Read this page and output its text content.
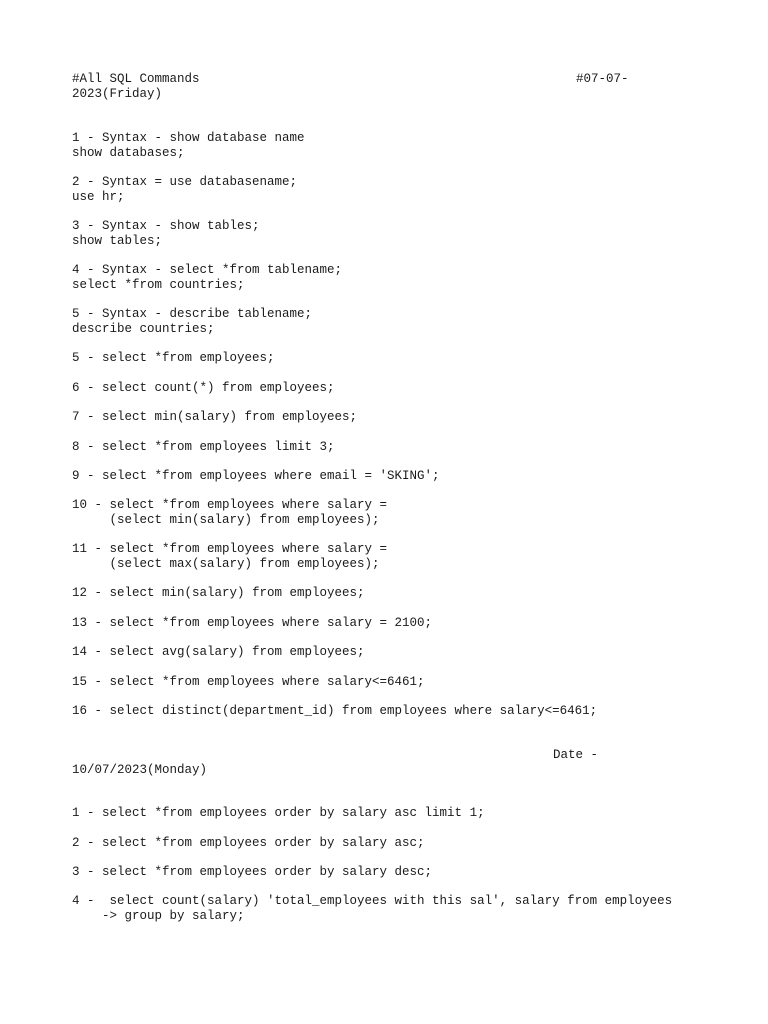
#All SQL Commands	#07-07-

2023(Friday)

1 - Syntax - show database name

show databases;

2 - Syntax = use databasename;

use hr;

3 - Syntax - show tables;

show tables;

4 - Syntax - select *from tablename;

select *from countries;

5 - Syntax - describe tablename;

describe countries;

5 - select *from employees;

6 - select count(*) from employees;

7 - select min(salary) from employees;

8 - select *from employees limit 3;

9 - select *from employees where email = 'SKING';

10 - select *from employees where salary =

(select min(salary) from employees);

11 - select *from employees where salary =

(select max(salary) from employees);

12 - select min(salary) from employees;

13 - select *from employees where salary = 2100;

14 - select avg(salary) from employees;

15 - select *from employees where salary<=6461;

16 - select distinct(department_id) from employees where salary<=6461;

Date -

10/07/2023(Monday)

1 - select *from employees order by salary asc limit 1;

2 - select *from employees order by salary asc;

3 - select *from employees order by salary desc;

4 -  select count(salary) 'total_employees with this sal', salary from employees

-> group by salary;
